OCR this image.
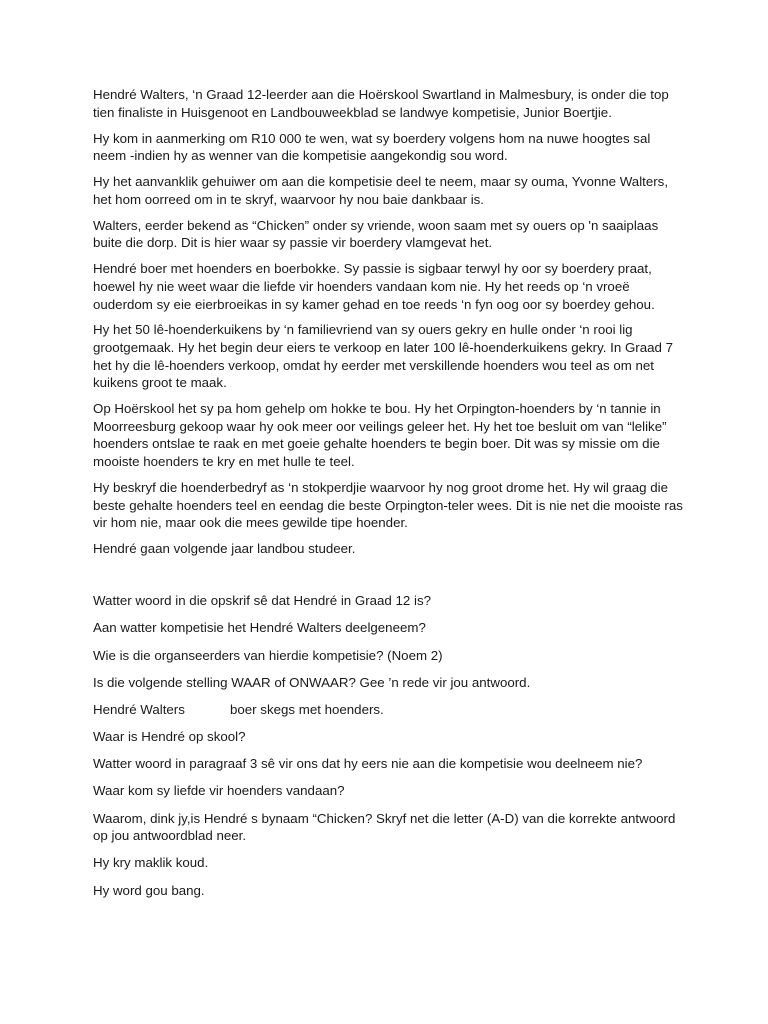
Hendré Walters, ‘n Graad 12-leerder aan die Hoërskool Swartland in Malmesbury, is onder die top tien finaliste in Huisgenoot en Landbouweekblad se landwye kompetisie, Junior Boertjie.

Hy kom in aanmerking om R10 000 te wen, wat sy boerdery volgens hom na nuwe hoogtes sal neem -indien hy as wenner van die kompetisie aangekondig sou word.

Hy het aanvanklik gehuiwer om aan die kompetisie deel te neem, maar sy ouma, Yvonne Walters, het hom oorreed om in te skryf, waarvoor hy nou baie dankbaar is.

Walters, eerder bekend as “Chicken” onder sy vriende, woon saam met sy ouers op 'n saaiplaas buite die dorp. Dit is hier waar sy passie vir boerdery vlamgevat het.

Hendré boer met hoenders en boerbokke. Sy passie is sigbaar terwyl hy oor sy boerdery praat, hoewel hy nie weet waar die liefde vir hoenders vandaan kom nie. Hy het reeds op ‘n vroeë ouderdom sy eie eierbroeikas in sy kamer gehad en toe reeds ‘n fyn oog oor sy boerdey gehou.

Hy het 50 lê-hoenderkuikens by ‘n familievriend van sy ouers gekry en hulle onder ‘n rooi lig grootgemaak. Hy het begin deur eiers te verkoop en later 100 lê-hoenderkuikens gekry. In Graad 7 het hy die lê-hoenders verkoop, omdat hy eerder met verskillende hoenders wou teel as om net kuikens groot te maak.

Op Hoërskool het sy pa hom gehelp om hokke te bou. Hy het Orpington-hoenders by ‘n tannie in Moorreesburg gekoop waar hy ook meer oor veilings geleer het. Hy het toe besluit om van “lelike” hoenders ontslae te raak en met goeie gehalte hoenders te begin boer. Dit was sy missie om die mooiste hoenders te kry en met hulle te teel.

Hy beskryf die hoenderbedryf as ‘n stokperdjie waarvoor hy nog groot drome het. Hy wil graag die beste gehalte hoenders teel en eendag die beste Orpington-teler wees. Dit is nie net die mooiste ras vir hom nie, maar ook die mees gewilde tipe hoender.

Hendré gaan volgende jaar landbou studeer.

Watter woord in die opskrif sê dat Hendré in Graad 12 is?

Aan watter kompetisie het Hendré Walters deelgeneem?

Wie is die organseerders van hierdie kompetisie? (Noem 2)

Is die volgende stelling WAAR of ONWAAR? Gee ’n rede vir jou antwoord.

Hendré Walters	boer skegs met hoenders.

Waar is Hendré op skool?

Watter woord in paragraaf 3 sê vir ons dat hy eers nie aan die kompetisie wou deelneem nie?

Waar kom sy liefde vir hoenders vandaan?

Waarom, dink jy,is Hendré s bynaam “Chicken? Skryf net die letter (A-D) van die korrekte antwoord op jou antwoordblad neer.

Hy kry maklik koud.

Hy word gou bang.
